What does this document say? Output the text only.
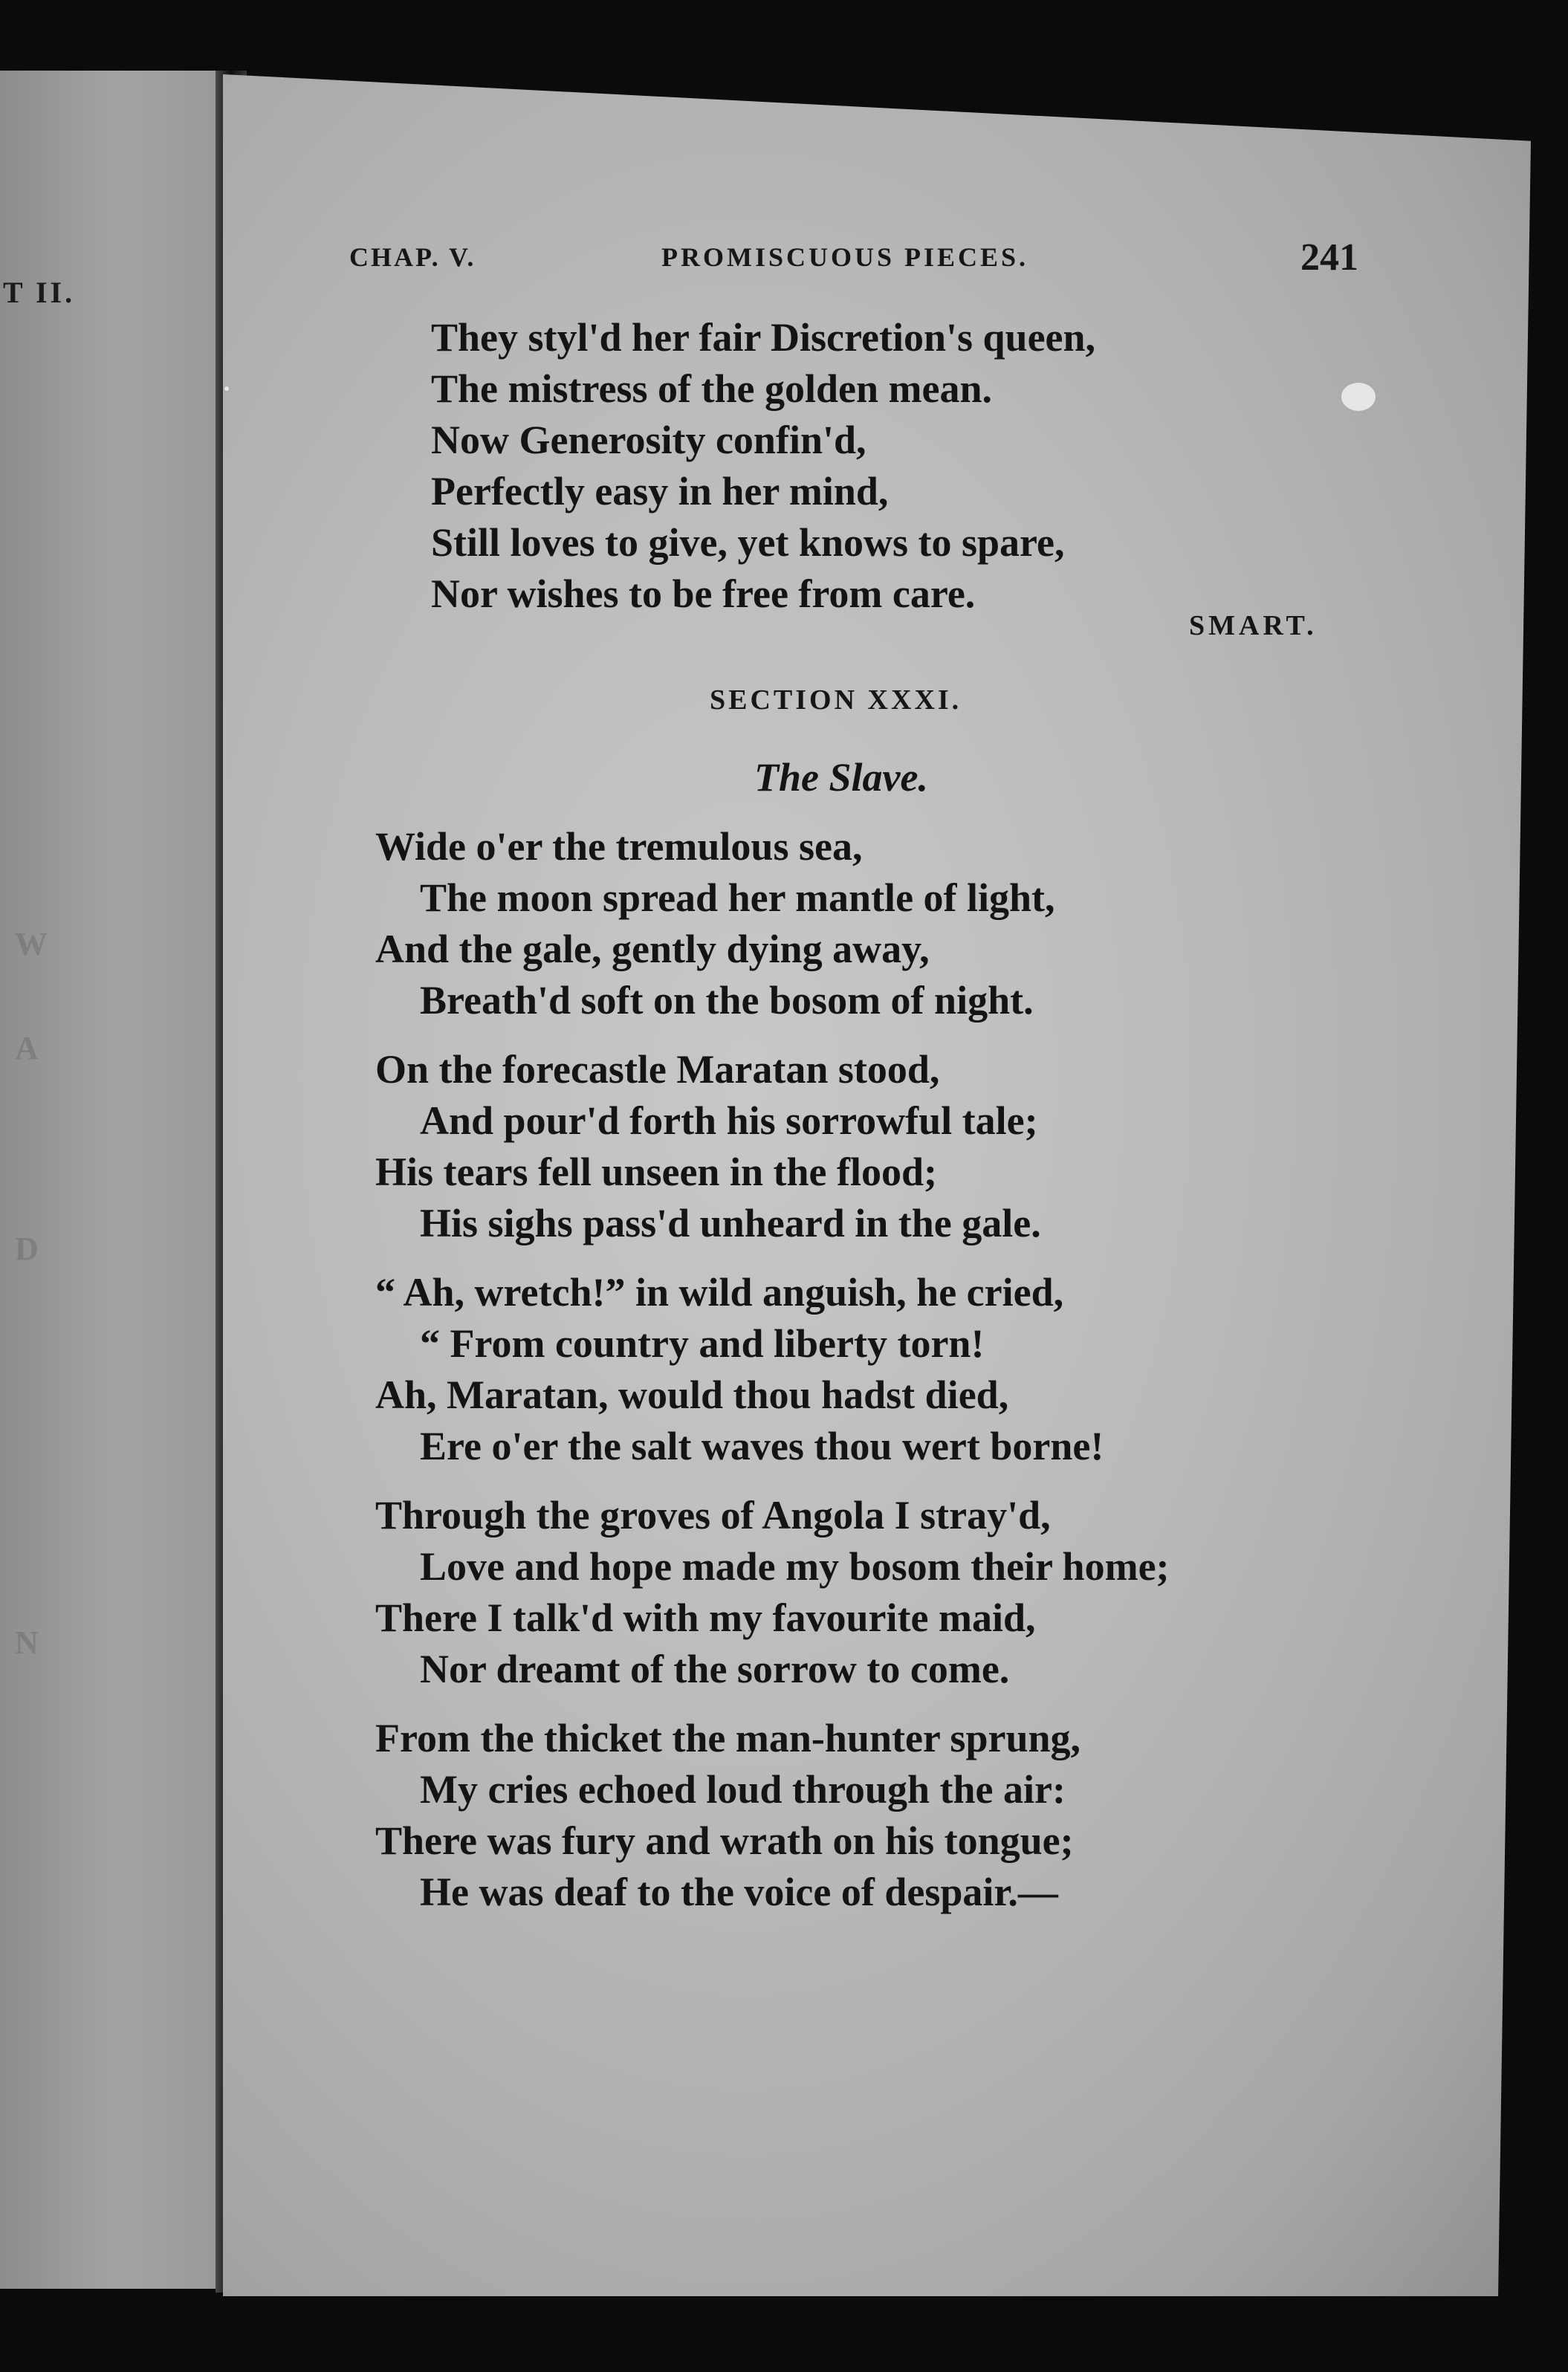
T II.
W
A
D
N

CHAP. V.	PROMISCUOUS PIECES.	241
They styl'd her fair Discretion's queen,
The mistress of the golden mean.
Now Generosity confin'd,
Perfectly easy in her mind,
Still loves to give, yet knows to spare,
Nor wishes to be free from care.
SMART.
SECTION XXXI.
The Slave.
Wide o'er the tremulous sea,
The moon spread her mantle of light,
And the gale, gently dying away,
Breath'd soft on the bosom of night.
On the forecastle Maratan stood,
And pour'd forth his sorrowful tale;
His tears fell unseen in the flood;
His sighs pass'd unheard in the gale.
“ Ah, wretch!” in wild anguish, he cried,
“ From country and liberty torn!
Ah, Maratan, would thou hadst died,
Ere o'er the salt waves thou wert borne!
Through the groves of Angola I stray'd,
Love and hope made my bosom their home;
There I talk'd with my favourite maid,
Nor dreamt of the sorrow to come.
From the thicket the man-hunter sprung,
My cries echoed loud through the air:
There was fury and wrath on his tongue;
He was deaf to the voice of despair.—
